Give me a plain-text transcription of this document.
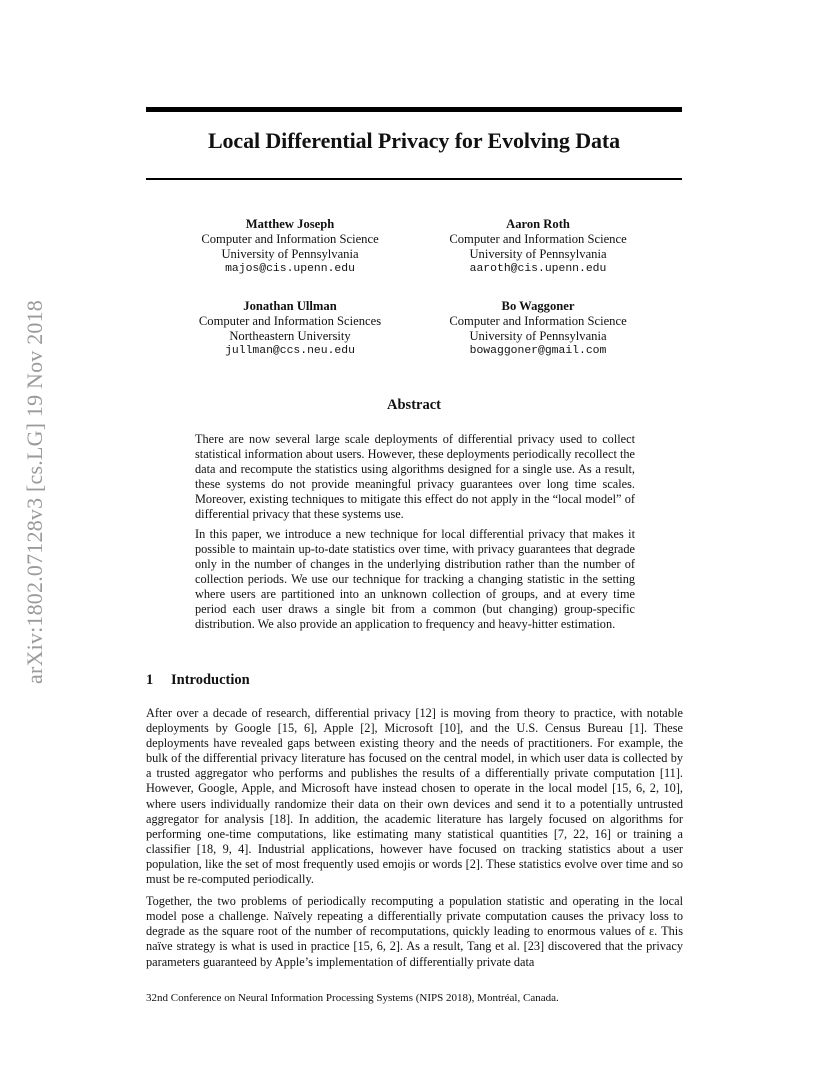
arXiv:1802.07128v3 [cs.LG] 19 Nov 2018
Local Differential Privacy for Evolving Data
Matthew Joseph
Computer and Information Science
University of Pennsylvania
majos@cis.upenn.edu
Aaron Roth
Computer and Information Science
University of Pennsylvania
aaroth@cis.upenn.edu
Jonathan Ullman
Computer and Information Sciences
Northeastern University
jullman@ccs.neu.edu
Bo Waggoner
Computer and Information Science
University of Pennsylvania
bowaggoner@gmail.com
Abstract

There are now several large scale deployments of differential privacy used to collect statistical information about users. However, these deployments periodically recollect the data and recompute the statistics using algorithms designed for a single use. As a result, these systems do not provide meaningful privacy guarantees over long time scales. Moreover, existing techniques to mitigate this effect do not apply in the “local model” of differential privacy that these systems use.

In this paper, we introduce a new technique for local differential privacy that makes it possible to maintain up-to-date statistics over time, with privacy guarantees that degrade only in the number of changes in the underlying distribution rather than the number of collection periods. We use our technique for tracking a changing statistic in the setting where users are partitioned into an unknown collection of groups, and at every time period each user draws a single bit from a common (but changing) group-specific distribution. We also provide an application to frequency and heavy-hitter estimation.

1 Introduction

After over a decade of research, differential privacy [12] is moving from theory to practice, with notable deployments by Google [15, 6], Apple [2], Microsoft [10], and the U.S. Census Bureau [1]. These deployments have revealed gaps between existing theory and the needs of practitioners. For example, the bulk of the differential privacy literature has focused on the central model, in which user data is collected by a trusted aggregator who performs and publishes the results of a differentially private computation [11]. However, Google, Apple, and Microsoft have instead chosen to operate in the local model [15, 6, 2, 10], where users individually randomize their data on their own devices and send it to a potentially untrusted aggregator for analysis [18]. In addition, the academic literature has largely focused on algorithms for performing one-time computations, like estimating many statistical quantities [7, 22, 16] or training a classifier [18, 9, 4]. Industrial applications, however have focused on tracking statistics about a user population, like the set of most frequently used emojis or words [2]. These statistics evolve over time and so must be re-computed periodically.

Together, the two problems of periodically recomputing a population statistic and operating in the local model pose a challenge. Naïvely repeating a differentially private computation causes the privacy loss to degrade as the square root of the number of recomputations, quickly leading to enormous values of ε. This naïve strategy is what is used in practice [15, 6, 2]. As a result, Tang et al. [23] discovered that the privacy parameters guaranteed by Apple’s implementation of differentially private data

32nd Conference on Neural Information Processing Systems (NIPS 2018), Montréal, Canada.
